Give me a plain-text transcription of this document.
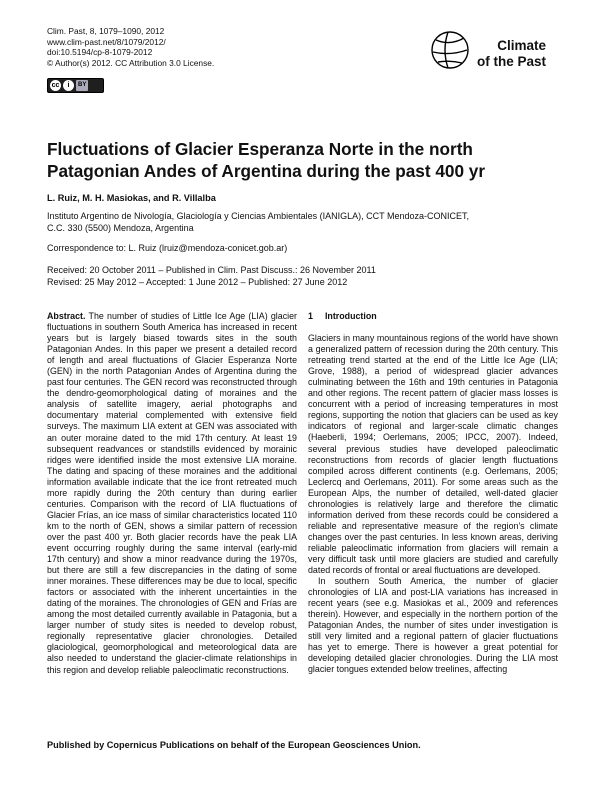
Clim. Past, 8, 1079–1090, 2012
www.clim-past.net/8/1079/2012/
doi:10.5194/cp-8-1079-2012
© Author(s) 2012. CC Attribution 3.0 License.
cc	i	BY
Climate
of the Past
Fluctuations of Glacier Esperanza Norte in the north Patagonian Andes of Argentina during the past 400 yr
L. Ruiz, M. H. Masiokas, and R. Villalba
Instituto Argentino de Nivología, Glaciología y Ciencias Ambientales (IANIGLA), CCT Mendoza-CONICET,
C.C. 330 (5500) Mendoza, Argentina
Correspondence to: L. Ruiz (lruiz@mendoza-conicet.gob.ar)
Received: 20 October 2011 – Published in Clim. Past Discuss.: 26 November 2011
Revised: 25 May 2012 – Accepted: 1 June 2012 – Published: 27 June 2012

Abstract. The number of studies of Little Ice Age (LIA) glacier fluctuations in southern South America has increased in recent years but is largely biased towards sites in the south Patagonian Andes. In this paper we present a detailed record of length and areal fluctuations of Glacier Esperanza Norte (GEN) in the north Patagonian Andes of Argentina during the past four centuries. The GEN record was reconstructed through the dendro-geomorphological dating of moraines and the analysis of satellite imagery, aerial photographs and documentary material complemented with extensive field surveys. The maximum LIA extent at GEN was associated with an outer moraine dated to the mid 17th century. At least 19 subsequent readvances or standstills evidenced by morainic ridges were identified inside the most extensive LIA moraine. The dating and spacing of these moraines and the additional information available indicate that the ice front retreated much more rapidly during the 20th century than during earlier centuries. Comparison with the record of LIA fluctuations of Glacier Frías, an ice mass of similar characteristics located 110 km to the north of GEN, shows a similar pattern of recession over the past 400 yr. Both glacier records have the peak LIA event occurring roughly during the same interval (early-mid 17th century) and show a minor readvance during the 1970s, but there are still a few discrepancies in the dating of some inner moraines. These differences may be due to local, specific factors or associated with the inherent uncertainties in the dating of the moraines. The chronologies of GEN and Frías are among the most detailed currently available in Patagonia, but a larger number of study sites is needed to develop robust, regionally representative glacier chronologies. Detailed glaciological, geomorphological and meteorological data are also needed to understand the glacier-climate relationships in this region and develop reliable paleoclimatic reconstructions.

1 Introduction

Glaciers in many mountainous regions of the world have shown a generalized pattern of recession during the 20th century. This retreating trend started at the end of the Little Ice Age (LIA; Grove, 1988), a period of widespread glacier advances culminating between the 16th and 19th centuries in Patagonia and other regions. The recent pattern of glacier mass losses is concurrent with a period of increasing temperatures in most regions, supporting the notion that glaciers can be used as key indicators of regional and larger-scale climatic changes (Haeberli, 1994; Oerlemans, 2005; IPCC, 2007). Indeed, several previous studies have developed paleoclimatic reconstructions from records of glacier length fluctuations compiled across different continents (e.g. Oerlemans, 2005; Leclercq and Oerlemans, 2011). For some areas such as the European Alps, the number of detailed, well-dated glacier chronologies is relatively large and therefore the climatic information derived from these records could be considered a reliable and representative measure of the region's climate changes over the past centuries. In less known areas, deriving reliable paleoclimatic information from glaciers will remain a very difficult task until more glaciers are studied and carefully dated records of frontal or areal fluctuations are developed.

In southern South America, the number of glacier chronologies of LIA and post-LIA variations has increased in recent years (see e.g. Masiokas et al., 2009 and references therein). However, and especially in the northern portion of the Patagonian Andes, the number of sites under investigation is still very limited and a regional pattern of glacier fluctuations has yet to emerge. There is however a great potential for developing detailed glacier chronologies. During the LIA most glacier tongues extended below treelines, affecting

Published by Copernicus Publications on behalf of the European Geosciences Union.
